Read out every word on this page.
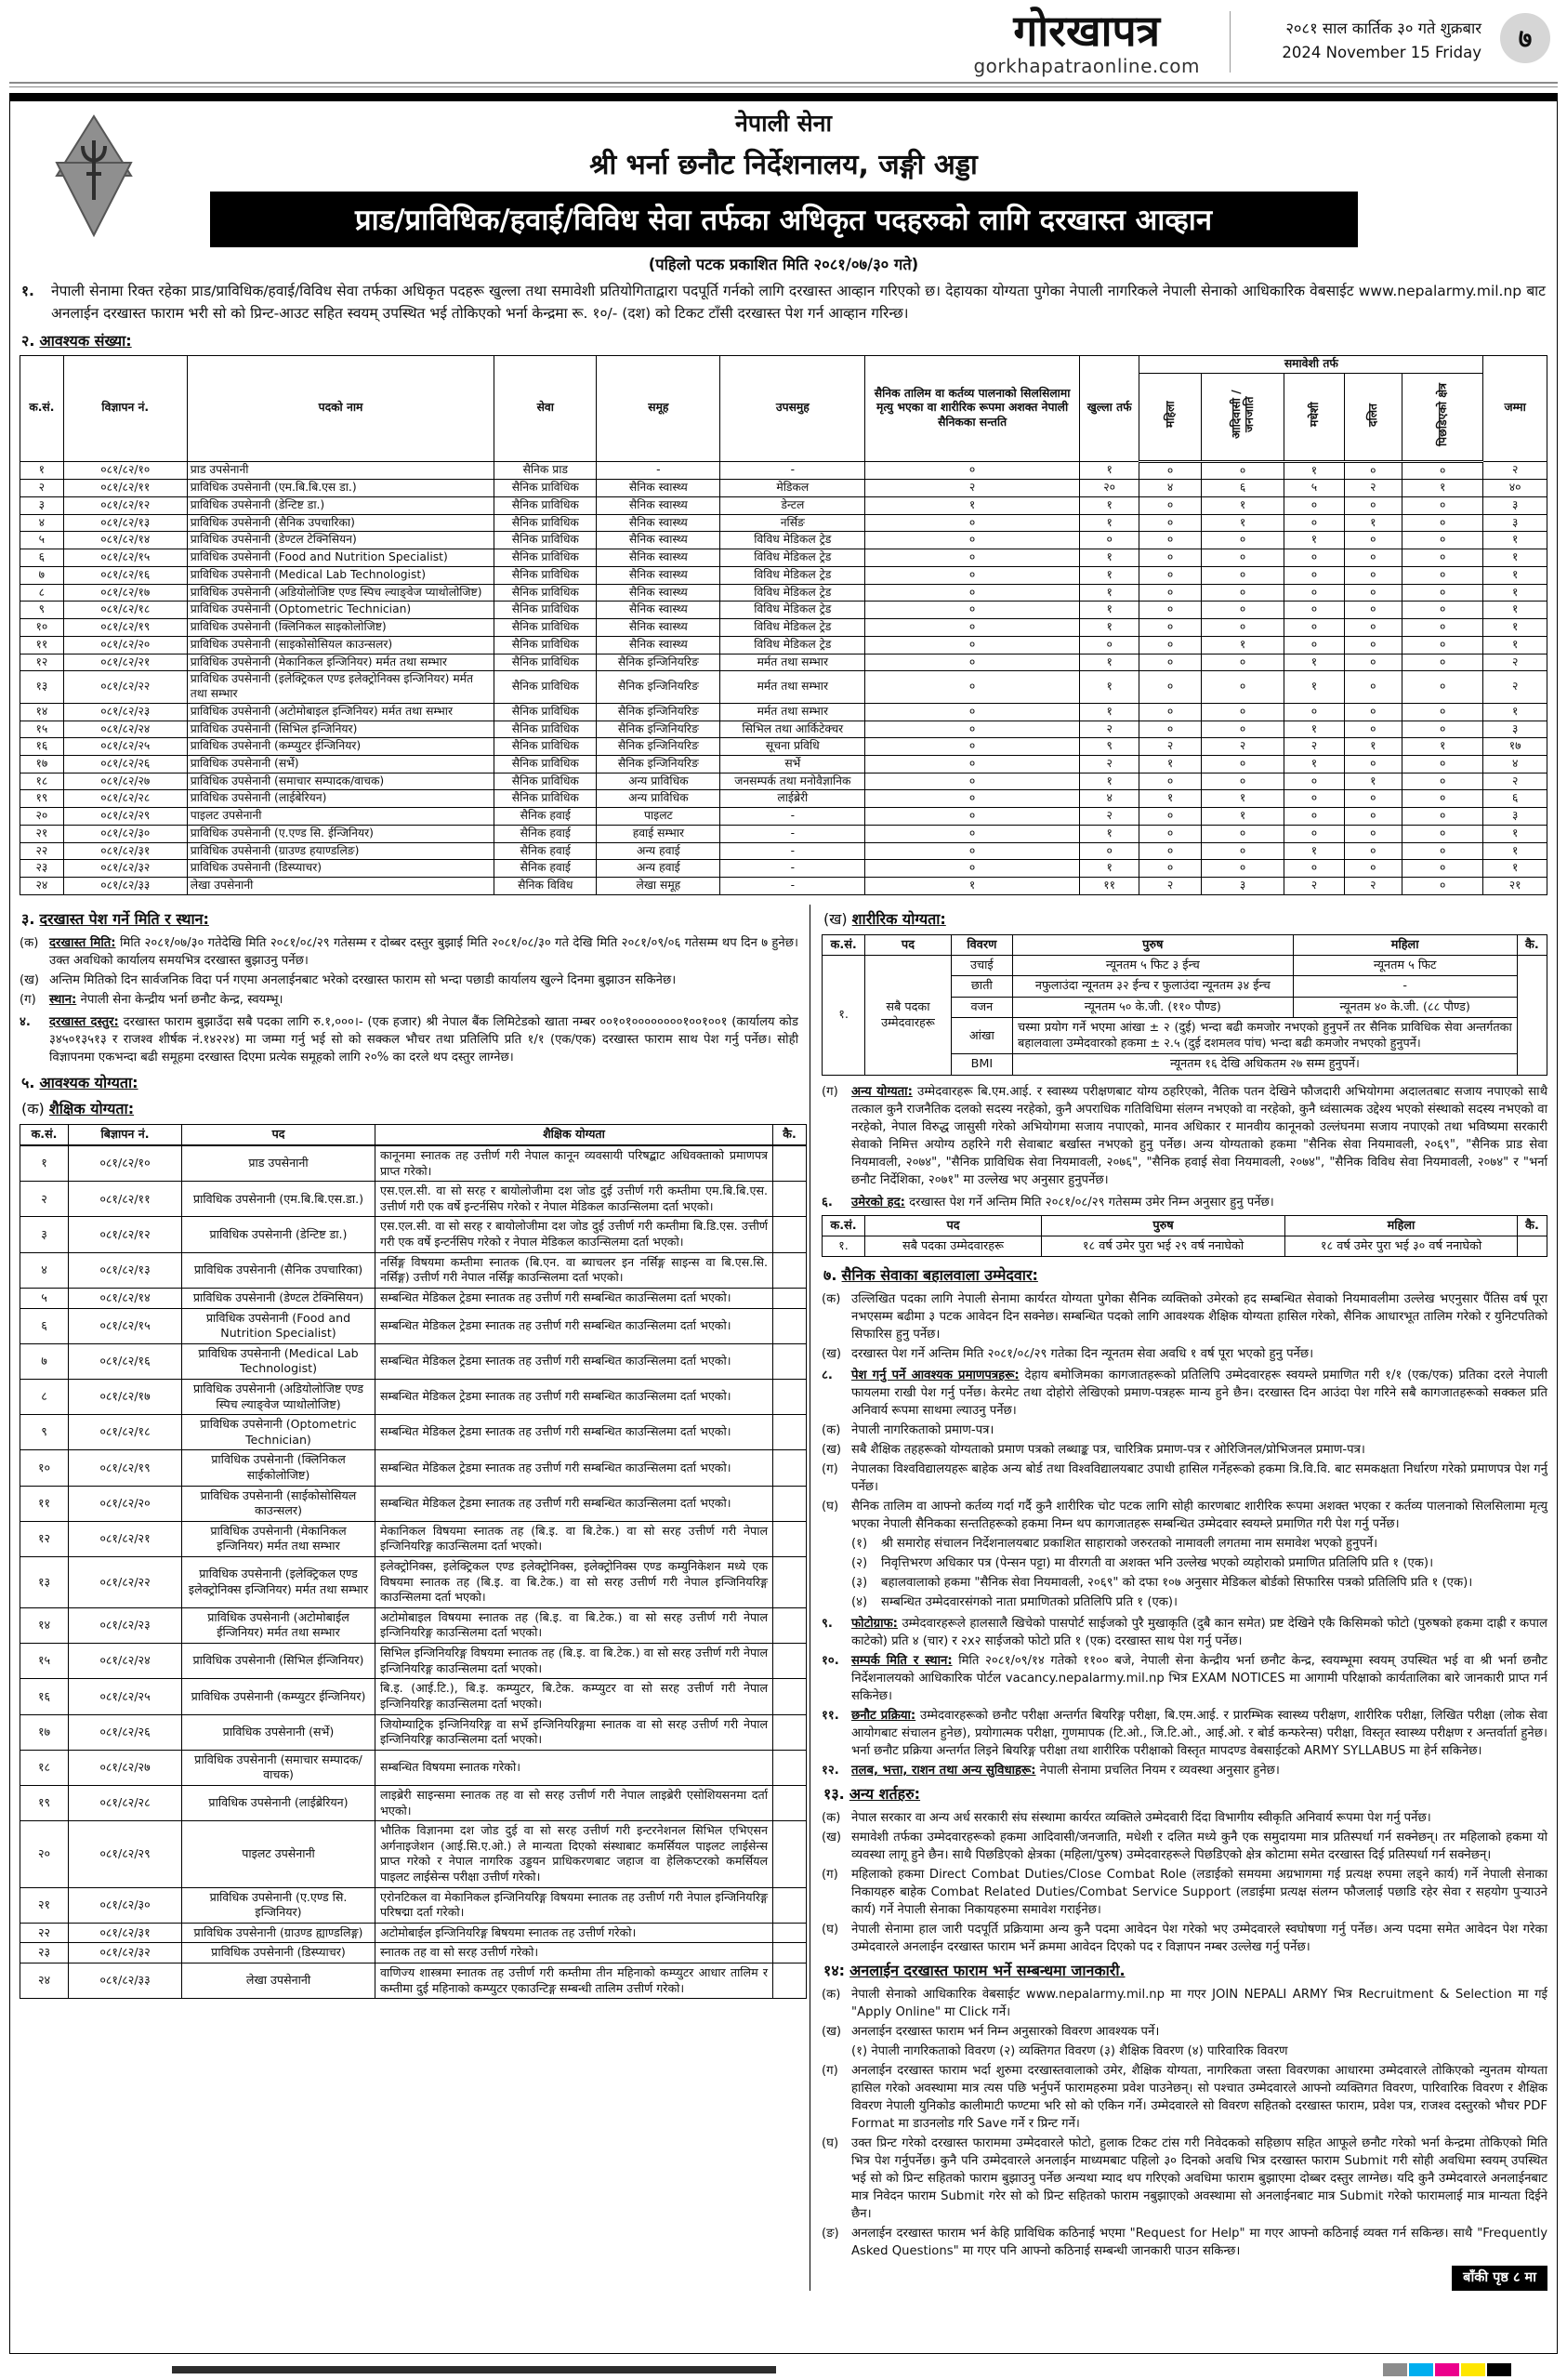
गोरखापत्र
gorkhapatraonline.com
२०८१ साल कार्तिक ३० गते शुक्रबार
2024 November 15 Friday	७
नेपाली सेना
श्री भर्ना छनौट निर्देशनालय, जङ्गी अड्डा
प्राड/प्राविधिक/हवाई/विविध सेवा तर्फका अधिकृत पदहरुको लागि दरखास्त आव्हान
(पहिलो पटक प्रकाशित मिति २०८१/०७/३० गते)
१.	नेपाली सेनामा रिक्त रहेका प्राड/प्राविधिक/हवाई/विविध सेवा तर्फका अधिकृत पदहरू खुल्ला तथा समावेशी प्रतियोगिताद्वारा पदपूर्ति गर्नको लागि दरखास्त आव्हान गरिएको छ। देहायका योग्यता पुगेका नेपाली नागरिकले नेपाली सेनाको आधिकारिक वेबसाईट www.nepalarmy.mil.np बाट अनलाईन दरखास्त फाराम भरी सो को प्रिन्ट-आउट सहित स्वयम् उपस्थित भई तोकिएको भर्ना केन्द्रमा रू. १०/- (दश) को टिकट टाँसी दरखास्त पेश गर्न आव्हान गरिन्छ।
२. आवश्यक संख्या:
क.सं.	विज्ञापन नं.	पदको नाम	सेवा	समूह	उपसमुह	सैनिक तालिम वा कर्तव्य पालनाको सिलसिलामा मृत्यु भएका वा शारीरिक रूपमा अशक्त नेपाली सैनिकका सन्तति	खुल्ला तर्फ	समावेशी तर्फ					जम्मा
								महिला	आदिवासी / जनजाति	मधेशी	दलित	पिछडिएको क्षेत्र	
१	०८१/८२/१०	प्राड उपसेनानी	सैनिक प्राड	-	-	०	१	०	०	१	०	०	२
२	०८१/८२/११	प्राविधिक उपसेनानी (एम.बि.बि.एस डा.)	सैनिक प्राविधिक	सैनिक स्वास्थ्य	मेडिकल	२	२०	४	६	५	२	१	४०
३	०८१/८२/१२	प्राविधिक उपसेनानी (डेन्टिष्ट डा.)	सैनिक प्राविधिक	सैनिक स्वास्थ्य	डेन्टल	१	१	०	१	०	०	०	३
४	०८१/८२/१३	प्राविधिक उपसेनानी (सैनिक उपचारिका)	सैनिक प्राविधिक	सैनिक स्वास्थ्य	नर्सिङ	०	१	०	१	०	१	०	३
५	०८१/८२/१४	प्राविधिक उपसेनानी (डेण्टल टेक्निसियन)	सैनिक प्राविधिक	सैनिक स्वास्थ्य	विविध मेडिकल ट्रेड	०	०	०	०	१	०	०	१
६	०८१/८२/१५	प्राविधिक उपसेनानी (Food and Nutrition Specialist)	सैनिक प्राविधिक	सैनिक स्वास्थ्य	विविध मेडिकल ट्रेड	०	१	०	०	०	०	०	१
७	०८१/८२/१६	प्राविधिक उपसेनानी (Medical Lab Technologist)	सैनिक प्राविधिक	सैनिक स्वास्थ्य	विविध मेडिकल ट्रेड	०	१	०	०	०	०	०	१
८	०८१/८२/१७	प्राविधिक उपसेनानी (अडियोलोजिष्ट एण्ड स्पिच ल्याङ्वेज प्याथोलोजिष्ट)	सैनिक प्राविधिक	सैनिक स्वास्थ्य	विविध मेडिकल ट्रेड	०	१	०	०	०	०	०	१
९	०८१/८२/१८	प्राविधिक उपसेनानी (Optometric Technician)	सैनिक प्राविधिक	सैनिक स्वास्थ्य	विविध मेडिकल ट्रेड	०	१	०	०	०	०	०	१
१०	०८१/८२/१९	प्राविधिक उपसेनानी (क्लिनिकल साइकोलोजिष्ट)	सैनिक प्राविधिक	सैनिक स्वास्थ्य	विविध मेडिकल ट्रेड	०	१	०	०	०	०	०	१
११	०८१/८२/२०	प्राविधिक उपसेनानी (साइकोसोसियल काउन्सलर)	सैनिक प्राविधिक	सैनिक स्वास्थ्य	विविध मेडिकल ट्रेड	०	०	०	१	०	०	०	१
१२	०८१/८२/२१	प्राविधिक उपसेनानी (मेकानिकल इन्जिनियर) मर्मत तथा सम्भार	सैनिक प्राविधिक	सैनिक इन्जिनियरिङ	मर्मत तथा सम्भार	०	१	०	०	१	०	०	२
१३	०८१/८२/२२	प्राविधिक उपसेनानी (इलेक्ट्रिकल एण्ड इलेक्ट्रोनिक्स इन्जिनियर) मर्मत तथा सम्भार	सैनिक प्राविधिक	सैनिक इन्जिनियरिङ	मर्मत तथा सम्भार	०	१	०	०	१	०	०	२
१४	०८१/८२/२३	प्राविधिक उपसेनानी (अटोमोबाइल इन्जिनियर) मर्मत तथा सम्भार	सैनिक प्राविधिक	सैनिक इन्जिनियरिङ	मर्मत तथा सम्भार	०	१	०	०	०	०	०	१
१५	०८१/८२/२४	प्राविधिक उपसेनानी (सिभिल इन्जिनियर)	सैनिक प्राविधिक	सैनिक इन्जिनियरिङ	सिभिल तथा आर्किटेक्चर	०	२	०	०	१	०	०	३
१६	०८१/८२/२५	प्राविधिक उपसेनानी (कम्प्युटर ईन्जिनियर)	सैनिक प्राविधिक	सैनिक इन्जिनियरिङ	सूचना प्रविधि	०	९	२	२	२	१	१	१७
१७	०८१/८२/२६	प्राविधिक उपसेनानी (सर्भे)	सैनिक प्राविधिक	सैनिक इन्जिनियरिङ	सर्भे	०	२	१	०	१	०	०	४
१८	०८१/८२/२७	प्राविधिक उपसेनानी (समाचार सम्पादक/वाचक)	सैनिक प्राविधिक	अन्य प्राविधिक	जनसम्पर्क तथा मनोवैज्ञानिक	०	१	०	०	०	१	०	२
१९	०८१/८२/२८	प्राविधिक उपसेनानी (लाईबेरियन)	सैनिक प्राविधिक	अन्य प्राविधिक	लाईब्रेरी	०	४	१	१	०	०	०	६
२०	०८१/८२/२९	पाइलट उपसेनानी	सैनिक हवाई	पाइलट	-	०	२	०	१	०	०	०	३
२१	०८१/८२/३०	प्राविधिक उपसेनानी (ए.एण्ड सि. ईन्जिनियर)	सैनिक हवाई	हवाई सम्भार	-	०	१	०	०	०	०	०	१
२२	०८१/८२/३१	प्राविधिक उपसेनानी (ग्राउण्ड हयाण्डलिङ)	सैनिक हवाई	अन्य हवाई	-	०	०	०	०	१	०	०	१
२३	०८१/८२/३२	प्राविधिक उपसेनानी (डिस्प्याचर)	सैनिक हवाई	अन्य हवाई	-	०	१	०	०	०	०	०	१
२४	०८१/८२/३३	लेखा उपसेनानी	सैनिक विविध	लेखा समूह	-	१	११	२	३	२	२	०	२१
३. दरखास्त पेश गर्ने मिति र स्थान:
(क) दरखास्त मिति: मिति २०८१/०७/३० गतेदेखि मिति २०८१/०८/२९ गतेसम्म र दोब्बर दस्तुर बुझाई मिति २०८१/०८/३० गते देखि मिति २०८१/०९/०६ गतेसम्म थप दिन ७ हुनेछ। उक्त अवधिको कार्यालय समयभित्र दरखास्त बुझाउनु पर्नेछ।
(ख) अन्तिम मितिको दिन सार्वजनिक विदा पर्न गएमा अनलाईनबाट भरेको दरखास्त फाराम सो भन्दा पछाडी कार्यालय खुल्ने दिनमा बुझाउन सकिनेछ।
(ग)	स्थान: नेपाली सेना केन्द्रीय भर्ना छनौट केन्द्र, स्वयम्भू।
४.	दरखास्त दस्तुर: दरखास्त फाराम बुझाउँदा सबै पदका लागि रु.१,०००।- (एक हजार) श्री नेपाल बैंक लिमिटेडको खाता नम्बर ००१०१००००००००१००१००१ (कार्यालय कोड ३४५०१३५१३ र राजश्व शीर्षक नं.१४२२४) मा जम्मा गर्नु भई सो को सक्कल भौचर तथा प्रतिलिपि प्रति १/१ (एक/एक) दरखास्त फाराम साथ पेश गर्नु पर्नेछ। सोही विज्ञापनमा एकभन्दा बढी समूहमा दरखास्त दिएमा प्रत्येक समूहको लागि २०% का दरले थप दस्तुर लाग्नेछ।
५. आवश्यक योग्यता:
(क) शैक्षिक योग्यता:
क.सं.	बिज्ञापन नं.	पद	शैक्षिक योग्यता	कै.
१	०८१/८२/१०	प्राड उपसेनानी	कानूनमा स्नातक तह उत्तीर्ण गरी नेपाल कानून व्यवसायी परिषद्बाट अधिवक्ताको प्रमाणपत्र प्राप्त गरेको।	
२	०८१/८२/११	प्राविधिक उपसेनानी (एम.बि.बि.एस.डा.)	एस.एल.सी. वा सो सरह र बायोलोजीमा दश जोड दुई उत्तीर्ण गरी कम्तीमा एम.बि.बि.एस. उत्तीर्ण गरी एक वर्षे इन्टर्नसिप गरेको र नेपाल मेडिकल काउन्सिलमा दर्ता भएको।	
३	०८१/८२/१२	प्राविधिक उपसेनानी (डेन्टिष्ट डा.)	एस.एल.सी. वा सो सरह र बायोलोजीमा दश जोड दुई उत्तीर्ण गरी कम्तीमा बि.डि.एस. उत्तीर्ण गरी एक वर्षे इन्टर्नसिप गरेको र नेपाल मेडिकल काउन्सिलमा दर्ता भएको।	
४	०८१/८२/१३	प्राविधिक उपसेनानी (सैनिक उपचारिका)	नर्सिङ्ग विषयमा कम्तीमा स्नातक (बि.एन. वा ब्याचलर इन नर्सिङ्ग साइन्स वा बि.एस.सि. नर्सिङ्ग) उत्तीर्ण गरी नेपाल नर्सिङ्ग काउन्सिलमा दर्ता भएको।	
५	०८१/८२/१४	प्राविधिक उपसेनानी (डेण्टल टेक्निसियन)	सम्बन्धित मेडिकल ट्रेडमा स्नातक तह उत्तीर्ण गरी सम्बन्धित काउन्सिलमा दर्ता भएको।	
६	०८१/८२/१५	प्राविधिक उपसेनानी (Food and Nutrition Specialist)	सम्बन्धित मेडिकल ट्रेडमा स्नातक तह उत्तीर्ण गरी सम्बन्धित काउन्सिलमा दर्ता भएको।	
७	०८१/८२/१६	प्राविधिक उपसेनानी (Medical Lab Technologist)	सम्बन्धित मेडिकल ट्रेडमा स्नातक तह उत्तीर्ण गरी सम्बन्धित काउन्सिलमा दर्ता भएको।	
८	०८१/८२/१७	प्राविधिक उपसेनानी (अडियोलोजिष्ट एण्ड स्पिच ल्याङ्वेज प्याथोलोजिष्ट)	सम्बन्धित मेडिकल ट्रेडमा स्नातक तह उत्तीर्ण गरी सम्बन्धित काउन्सिलमा दर्ता भएको।	
९	०८१/८२/१८	प्राविधिक उपसेनानी (Optometric Technician)	सम्बन्धित मेडिकल ट्रेडमा स्नातक तह उत्तीर्ण गरी सम्बन्धित काउन्सिलमा दर्ता भएको।	
१०	०८१/८२/१९	प्राविधिक उपसेनानी (क्लिनिकल साईकोलोजिष्ट)	सम्बन्धित मेडिकल ट्रेडमा स्नातक तह उत्तीर्ण गरी सम्बन्धित काउन्सिलमा दर्ता भएको।	
११	०८१/८२/२०	प्राविधिक उपसेनानी (साईकोसोसियल काउन्सलर)	सम्बन्धित मेडिकल ट्रेडमा स्नातक तह उत्तीर्ण गरी सम्बन्धित काउन्सिलमा दर्ता भएको।	
१२	०८१/८२/२१	प्राविधिक उपसेनानी (मेकानिकल इन्जिनियर) मर्मत तथा सम्भार	मेकानिकल विषयमा स्नातक तह (बि.इ. वा बि.टेक.) वा सो सरह उत्तीर्ण गरी नेपाल इन्जिनियरिङ्ग काउन्सिलमा दर्ता भएको।	
१३	०८१/८२/२२	प्राविधिक उपसेनानी (इलेक्ट्रिकल एण्ड इलेक्ट्रोनिक्स इन्जिनियर) मर्मत तथा सम्भार	इलेक्ट्रोनिक्स, इलेक्ट्रिकल एण्ड इलेक्ट्रोनिक्स, इलेक्ट्रोनिक्स एण्ड कम्युनिकेशन मध्ये एक विषयमा स्नातक तह (बि.इ. वा बि.टेक.) वा सो सरह उत्तीर्ण गरी नेपाल इन्जिनियरिङ्ग काउन्सिलमा दर्ता भएको।	
१४	०८१/८२/२३	प्राविधिक उपसेनानी (अटोमोबाईल ईन्जिनियर) मर्मत तथा सम्भार	अटोमोबाइल विषयमा स्नातक तह (बि.इ. वा बि.टेक.) वा सो सरह उत्तीर्ण गरी नेपाल इन्जिनियरिङ्ग काउन्सिलमा दर्ता भएको।	
१५	०८१/८२/२४	प्राविधिक उपसेनानी (सिभिल ईन्जिनियर)	सिभिल इन्जिनियरिङ्ग विषयमा स्नातक तह (बि.इ. वा बि.टेक.) वा सो सरह उत्तीर्ण गरी नेपाल इन्जिनियरिङ्ग काउन्सिलमा दर्ता भएको।	
१६	०८१/८२/२५	प्राविधिक उपसेनानी (कम्प्युटर ईन्जिनियर)	बि.इ. (आई.टि.), बि.इ. कम्प्युटर, बि.टेक. कम्प्युटर वा सो सरह उत्तीर्ण गरी नेपाल इन्जिनियरिङ्ग काउन्सिलमा दर्ता भएको।	
१७	०८१/८२/२६	प्राविधिक उपसेनानी (सर्भे)	जियोम्याट्रिक इन्जिनियरिङ्ग वा सर्भे इन्जिनियरिङ्गमा स्नातक वा सो सरह उत्तीर्ण गरी नेपाल इन्जिनियरिङ्ग काउन्सिलमा दर्ता भएको।	
१८	०८१/८२/२७	प्राविधिक उपसेनानी (समाचार सम्पादक/वाचक)	सम्बन्धित विषयमा स्नातक गरेको।	
१९	०८१/८२/२८	प्राविधिक उपसेनानी (लाईब्रेरियन)	लाइब्रेरी साइन्समा स्नातक तह वा सो सरह उत्तीर्ण गरी नेपाल लाइब्रेरी एसोशियसनमा दर्ता भएको।	
२०	०८१/८२/२९	पाइलट उपसेनानी	भौतिक विज्ञानमा दश जोड दुई वा सो सरह उत्तीर्ण गरी इन्टरनेशनल सिभिल एभिएसन अर्गनाइजेशन (आई.सि.ए.ओ.) ले मान्यता दिएको संस्थाबाट कमर्सियल पाइलट लाईसेन्स प्राप्त गरेको र नेपाल नागरिक उड्डयन प्राधिकरणबाट जहाज वा हेलिकप्टरको कमर्सियल पाइलट लाईसेन्स परीक्षा उत्तीर्ण गरेको।	
२१	०८१/८२/३०	प्राविधिक उपसेनानी (ए.एण्ड सि. इन्जिनियर)	एरोनटिकल वा मेकानिकल इन्जिनियरिङ्ग विषयमा स्नातक तह उत्तीर्ण गरी नेपाल इन्जिनियरिङ्ग परिषद्मा दर्ता गरेको।	
२२	०८१/८२/३१	प्राविधिक उपसेनानी (ग्राउण्ड ह्याण्डलिङ्ग)	अटोमोबाईल इन्जिनियरिङ्ग बिषयमा स्नातक तह उत्तीर्ण गरेको।	
२३	०८१/८२/३२	प्राविधिक उपसेनानी (डिस्प्याचर)	स्नातक तह वा सो सरह उत्तीर्ण गरेको।	
२४	०८१/८२/३३	लेखा उपसेनानी	वाणिज्य शास्त्रमा स्नातक तह उत्तीर्ण गरी कम्तीमा तीन महिनाको कम्प्युटर आधार तालिम र कम्तीमा दुई महिनाको कम्प्युटर एकाउन्टिङ्ग सम्बन्धी तालिम उत्तीर्ण गरेको।	
(ख) शारीरिक योग्यता:
क.सं.	पद	विवरण	पुरुष	महिला	कै.
१.	सबै पदका उम्मेदवारहरू	उचाई	न्यूनतम ५ फिट ३ ईन्च	न्यूनतम ५ फिट	
		छाती	नफुलाउंदा न्यूनतम ३२ ईन्च र फुलाउंदा न्यूनतम ३४ ईन्च	-	
		वजन	न्यूनतम ५० के.जी. (११० पौण्ड)	न्यूनतम ४० के.जी. (८८ पौण्ड)	
		आंखा	चस्मा प्रयोग गर्ने भएमा आंखा ± २ (दुई) भन्दा बढी कमजोर नभएको हुनुपर्ने तर सैनिक प्राविधिक सेवा अन्तर्गतका बहालवाला उम्मेदवारको हकमा ± २.५ (दुई दशमलव पांच) भन्दा बढी कमजोर नभएको हुनुपर्ने।		
		BMI	न्यूनतम १६ देखि अधिकतम २७ सम्म हुनुपर्ने।		
(ग)	अन्य योग्यता: उम्मेदवारहरू बि.एम.आई. र स्वास्थ्य परीक्षणबाट योग्य ठहरिएको, नैतिक पतन देखिने फौजदारी अभियोगमा अदालतबाट सजाय नपाएको साथै तत्काल कुनै राजनैतिक दलको सदस्य नरहेको, कुनै अपराधिक गतिविधिमा संलग्न नभएको वा नरहेको, कुनै ध्वंसात्मक उद्देश्य भएको संस्थाको सदस्य नभएको वा नरहेको, नेपाल विरुद्ध जासुसी गरेको अभियोगमा सजाय नपाएको, मानव अधिकार र मानवीय कानूनको उल्लंघनमा सजाय नपाएको तथा भविष्यमा सरकारी सेवाको निमित्त अयोग्य ठहरिने गरी सेवाबाट बर्खास्त नभएको हुनु पर्नेछ। अन्य योग्यताको हकमा "सैनिक सेवा नियमावली, २०६९", "सैनिक प्राड सेवा नियमावली, २०७४", "सैनिक प्राविधिक सेवा नियमावली, २०७६", "सैनिक हवाई सेवा नियमावली, २०७४", "सैनिक विविध सेवा नियमावली, २०७४" र "भर्ना छनौट निर्देशिका, २०७१" मा उल्लेख भए अनुसार हुनुपर्नेछ।
६.	उमेरको हद: दरखास्त पेश गर्ने अन्तिम मिति २०८१/०८/२९ गतेसम्म उमेर निम्न अनुसार हुनु पर्नेछ।
क.सं.	पद	पुरुष	महिला	कै.
१.	सबै पदका उम्मेदवारहरू	१८ वर्ष उमेर पुरा भई २९ वर्ष ननाघेको	१८ वर्ष उमेर पुरा भई ३० वर्ष ननाघेको	
७. सैनिक सेवाका बहालवाला उम्मेदवार:
(क) उल्लिखित पदका लागि नेपाली सेनामा कार्यरत योग्यता पुगेका सैनिक व्यक्तिको उमेरको हद सम्बन्धित सेवाको नियमावलीमा उल्लेख भएनुसार पैंतिस वर्ष पूरा नभएसम्म बढीमा ३ पटक आवेदन दिन सक्नेछ। सम्बन्धित पदको लागि आवश्यक शैक्षिक योग्यता हासिल गरेको, सैनिक आधारभूत तालिम गरेको र युनिटपतिको सिफारिस हुनु पर्नेछ।
(ख) दरखास्त पेश गर्ने अन्तिम मिति २०८१/०८/२९ गतेका दिन न्यूनतम सेवा अवधि १ वर्ष पूरा भएको हुनु पर्नेछ।
८.	पेश गर्नु पर्ने आवश्यक प्रमाणपत्रहरू: देहाय बमोजिमका कागजातहरूको प्रतिलिपि उम्मेदवारहरू स्वयम्ले प्रमाणित गरी १/१ (एक/एक) प्रतिका दरले नेपाली फायलमा राखी पेश गर्नु पर्नेछ। केरमेट तथा दोहोरो लेखिएको प्रमाण-पत्रहरू मान्य हुने छैन। दरखास्त दिन आउंदा पेश गरिने सबै कागजातहरूको सक्कल प्रति अनिवार्य रूपमा साथमा ल्याउनु पर्नेछ।
(क) नेपाली नागरिकताको प्रमाण-पत्र।
(ख) सबै शैक्षिक तहहरूको योग्यताको प्रमाण पत्रको लब्धाङ्क पत्र, चारित्रिक प्रमाण-पत्र र ओरिजिनल/प्रोभिजनल प्रमाण-पत्र।
(ग)	नेपालका विश्वविद्यालयहरू बाहेक अन्य बोर्ड तथा विश्वविद्यालयबाट उपाधी हासिल गर्नेहरूको हकमा त्रि.वि.वि. बाट समकक्षता निर्धारण गरेको प्रमाणपत्र पेश गर्नु पर्नेछ।
(घ)	सैनिक तालिम वा आफ्नो कर्तव्य गर्दा गर्दै कुनै शारीरिक चोट पटक लागि सोही कारणबाट शारीरिक रूपमा अशक्त भएका र कर्तव्य पालनाको सिलसिलामा मृत्यु भएका नेपाली सैनिकका सन्ततिहरूको हकमा निम्न थप कागजातहरू सम्बन्धित उम्मेदवार स्वयम्ले प्रमाणित गरी पेश गर्नु पर्नेछ।
(१)	श्री समारोह संचालन निर्देशनालयबाट प्रकाशित साहाराको जरुरतको नामावली लगतमा नाम समावेश भएको हुनुपर्ने।
(२)	निवृत्तिभरण अधिकार पत्र (पेन्सन पट्टा) मा वीरगती वा अशक्त भनि उल्लेख भएको व्यहोराको प्रमाणित प्रतिलिपि प्रति १ (एक)।
(३)	बहालवालाको हकमा "सैनिक सेवा नियमावली, २०६९" को दफा १०७ अनुसार मेडिकल बोर्डको सिफारिस पत्रको प्रतिलिपि प्रति १ (एक)।
(४)	सम्बन्धित उम्मेदवारसंगको नाता प्रमाणितको प्रतिलिपि प्रति १ (एक)।
९.	फोटोग्राफ: उम्मेदवारहरूले हालसालै खिचेको पासपोर्ट साईजको पुरै मुखाकृति (दुबै कान समेत) प्रष्ट देखिने एकै किसिमको फोटो (पुरुषको हकमा दाह्री र कपाल काटेको) प्रति ४ (चार) र २x२ साईजको फोटो प्रति १ (एक) दरखास्त साथ पेश गर्नु पर्नेछ।
१०.	सम्पर्क मिति र स्थान: मिति २०८१/०९/१४ गतेको ११०० बजे, नेपाली सेना केन्द्रीय भर्ना छनौट केन्द्र, स्वयम्भूमा स्वयम् उपस्थित भई वा श्री भर्ना छनौट निर्देशनालयको आधिकारिक पोर्टल vacancy.nepalarmy.mil.np भित्र EXAM NOTICES मा आगामी परिक्षाको कार्यतालिका बारे जानकारी प्राप्त गर्न सकिनेछ।
११.	छनौट प्रक्रिया: उम्मेदवारहरूको छनौट परीक्षा अन्तर्गत बियरिङ्ग परीक्षा, बि.एम.आई. र प्रारम्भिक स्वास्थ्य परीक्षण, शारीरिक परीक्षा, लिखित परीक्षा (लोक सेवा आयोगबाट संचालन हुनेछ), प्रयोगात्मक परीक्षा, गुणमापक (टि.ओ., जि.टि.ओ., आई.ओ. र बोर्ड कन्फरेन्स) परीक्षा, विस्तृत स्वास्थ्य परीक्षण र अन्तर्वार्ता हुनेछ। भर्ना छनौट प्रक्रिया अन्तर्गत लिइने बियरिङ्ग परीक्षा तथा शारीरिक परीक्षाको विस्तृत मापदण्ड वेबसाईटको ARMY SYLLABUS मा हेर्न सकिनेछ।
१२.	तलब, भत्ता, राशन तथा अन्य सुविधाहरू: नेपाली सेनामा प्रचलित नियम र व्यवस्था अनुसार हुनेछ।
१३. अन्य शर्तहरु:
(क) नेपाल सरकार वा अन्य अर्ध सरकारी संघ संस्थामा कार्यरत व्यक्तिले उम्मेदवारी दिंदा विभागीय स्वीकृति अनिवार्य रूपमा पेश गर्नु पर्नेछ।
(ख) समावेशी तर्फका उम्मेदवारहरूको हकमा आदिवासी/जनजाति, मधेशी र दलित मध्ये कुनै एक समुदायमा मात्र प्रतिस्पर्धा गर्न सक्नेछन्। तर महिलाको हकमा यो व्यवस्था लागू हुने छैन। साथै पिछडिएको क्षेत्रका (महिला/पुरुष) उम्मेदवारहरूले पिछडिएको क्षेत्र कोटामा समेत दरखास्त दिई प्रतिस्पर्धा गर्न सक्नेछन्।
(ग)	महिलाको हकमा Direct Combat Duties/Close Combat Role (लडाईको समयमा अग्रभागमा गई प्रत्यक्ष रुपमा लड्ने कार्य) गर्ने नेपाली सेनाका निकायहरु बाहेक Combat Related Duties/Combat Service Support (लडाईमा प्रत्यक्ष संलग्न फौजलाई पछाडि रहेर सेवा र सहयोग पुऱ्याउने कार्य) गर्ने नेपाली सेनाका निकायहरुमा समावेश गराईनेछ।
(घ)	नेपाली सेनामा हाल जारी पदपूर्ति प्रक्रियामा अन्य कुनै पदमा आवेदन पेश गरेको भए उम्मेदवारले स्वघोषणा गर्नु पर्नेछ। अन्य पदमा समेत आवेदन पेश गरेका उम्मेदवारले अनलाईन दरखास्त फाराम भर्ने क्रममा आवेदन दिएको पद र विज्ञापन नम्बर उल्लेख गर्नु पर्नेछ।
१४: अनलाईन दरखास्त फाराम भर्ने सम्बन्धमा जानकारी.
(क) नेपाली सेनाको आधिकारिक वेबसाईट www.nepalarmy.mil.np मा गएर JOIN NEPALI ARMY भित्र Recruitment & Selection मा गई "Apply Online" मा Click गर्ने।
(ख) अनलाईन दरखास्त फाराम भर्न निम्न अनुसारको विवरण आवश्यक पर्ने।
(१) नेपाली नागरिकताको विवरण (२) व्यक्तिगत विवरण (३) शैक्षिक विवरण (४) पारिवारिक विवरण
(ग)	अनलाईन दरखास्त फाराम भर्दा शुरुमा दरखास्तवालाको उमेर, शैक्षिक योग्यता, नागरिकता जस्ता विवरणका आधारमा उम्मेदवारले तोकिएको न्युनतम योग्यता हासिल गरेको अवस्थामा मात्र त्यस पछि भर्नुपर्ने फारामहरुमा प्रवेश पाउनेछन्। सो पश्चात उम्मेदवारले आफ्नो व्यक्तिगत विवरण, पारिवारिक विवरण र शैक्षिक विवरण नेपाली युनिकोड कालीमाटी फण्टमा भरि सो को एकिन गर्ने। उम्मेदवारले सो विवरण सहितको दरखास्त फाराम, प्रवेश पत्र, राजश्व दस्तुरको भौचर PDF Format मा डाउनलोड गरि Save गर्ने र प्रिन्ट गर्ने।
(घ)	उक्त प्रिन्ट गरेको दरखास्त फाराममा उम्मेदवारले फोटो, हुलाक टिकट टांस गरी निवेदकको सहिछाप सहित आफूले छनौट गरेको भर्ना केन्द्रमा तोकिएको मिति भित्र पेश गर्नुपर्नेछ। कुनै पनि उम्मेदवारले अनलाईन माध्यमबाट पहिलो ३० दिनको अवधि भित्र दरखास्त फाराम Submit गरी सोही अवधिमा स्वयम् उपस्थित भई सो को प्रिन्ट सहितको फाराम बुझाउनु पर्नेछ अन्यथा म्याद थप गरिएको अवधिमा फाराम बुझाएमा दोब्बर दस्तुर लाग्नेछ। यदि कुनै उम्मेदवारले अनलाईनबाट मात्र निवेदन फाराम Submit गरेर सो को प्रिन्ट सहितको फाराम नबुझाएको अवस्थामा सो अनलाईनबाट मात्र Submit गरेको फारामलाई मात्र मान्यता दिईने छैन।
(ङ)	अनलाईन दरखास्त फाराम भर्न केहि प्राविधिक कठिनाई भएमा "Request for Help" मा गएर आफ्नो कठिनाई व्यक्त गर्न सकिन्छ। साथै "Frequently Asked Questions" मा गएर पनि आफ्नो कठिनाई सम्बन्धी जानकारी पाउन सकिन्छ।
बाँकी पृष्ठ ८ मा
